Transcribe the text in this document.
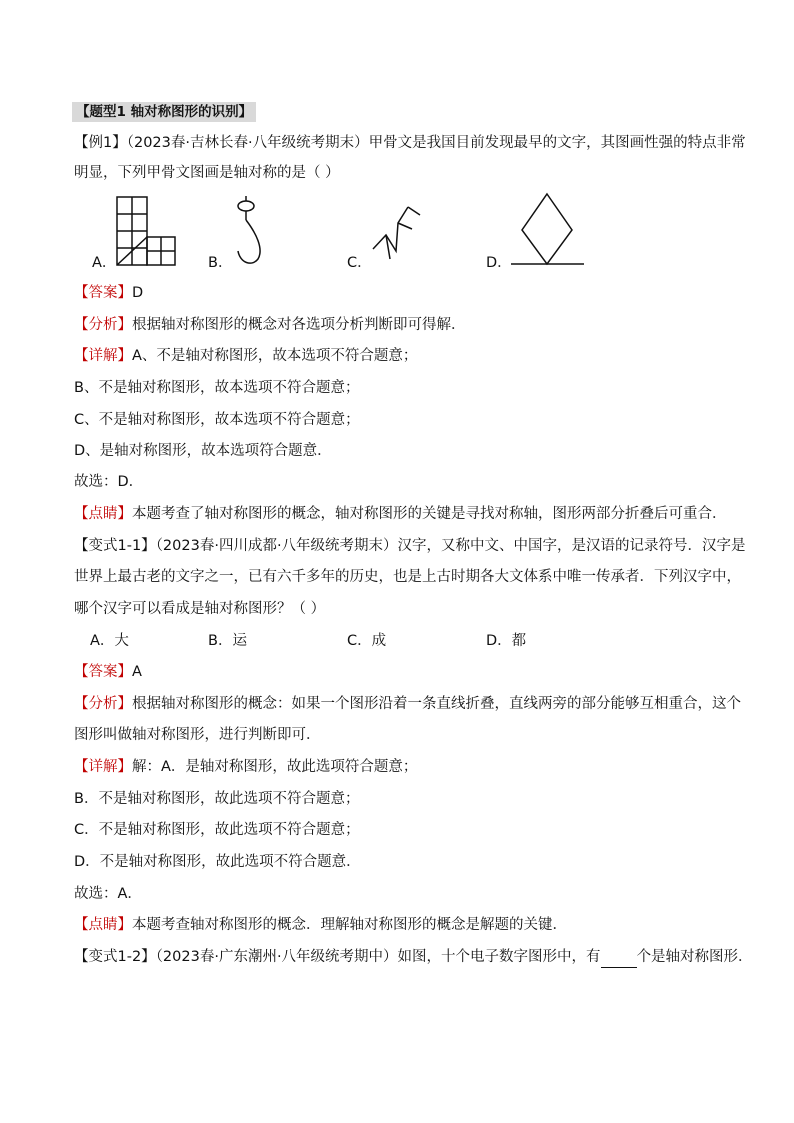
【题型1 轴对称图形的识别】
【例1】（2023春·吉林长春·八年级统考期末）甲骨文是我国目前发现最早的文字，其图画性强的特点非常
明显，下列甲骨文图画是轴对称的是（ ）
A．	B．	C．	D．
【答案】D
【分析】根据轴对称图形的概念对各选项分析判断即可得解．
【详解】A、不是轴对称图形，故本选项不符合题意；
B、不是轴对称图形，故本选项不符合题意；
C、不是轴对称图形，故本选项不符合题意；
D、是轴对称图形，故本选项符合题意．
故选：D．
【点睛】本题考查了轴对称图形的概念，轴对称图形的关键是寻找对称轴，图形两部分折叠后可重合．
【变式1-1】（2023春·四川成都·八年级统考期末）汉字，又称中文、中国字，是汉语的记录符号．汉字是
世界上最古老的文字之一，已有六千多年的历史，也是上古时期各大文体系中唯一传承者．下列汉字中，
哪个汉字可以看成是轴对称图形？（ ）
A．大	B．运	C．成	D．都
【答案】A
【分析】根据轴对称图形的概念：如果一个图形沿着一条直线折叠，直线两旁的部分能够互相重合，这个
图形叫做轴对称图形，进行判断即可．
【详解】解：A．是轴对称图形，故此选项符合题意；
B．不是轴对称图形，故此选项不符合题意；
C．不是轴对称图形，故此选项不符合题意；
D．不是轴对称图形，故此选项不符合题意．
故选：A．
【点睛】本题考查轴对称图形的概念．理解轴对称图形的概念是解题的关键．
【变式1-2】（2023春·广东潮州·八年级统考期中）如图，十个电子数字图形中，有 个是轴对称图形．
